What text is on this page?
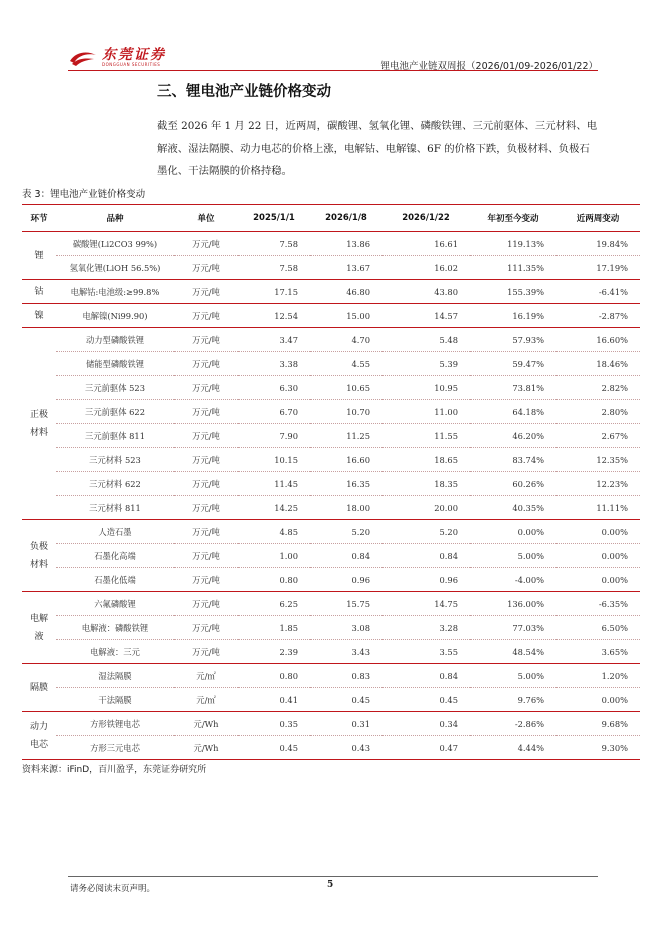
东莞证券
DONGGUAN SECURITIES	锂电池产业链双周报（2026/01/09-2026/01/22）
三、锂电池产业链价格变动
截至 2026 年 1 月 22 日，近两周，碳酸锂、氢氧化锂、磷酸铁锂、三元前驱体、三元材料、电解液、湿法隔膜、动力电芯的价格上涨，电解钴、电解镍、6F 的价格下跌，负极材料、负极石墨化、干法隔膜的价格持稳。
表 3：锂电池产业链价格变动
环节	品种	单位	2025/1/1	2026/1/8	2026/1/22	年初至今变动	近两周变动
锂	碳酸锂(Li2CO3 99%)	万元/吨	7.58	13.86	16.61	119.13%	19.84%
	氢氧化锂(LiOH 56.5%)	万元/吨	7.58	13.67	16.02	111.35%	17.19%
钴	电解钴:电池级:≥99.8%	万元/吨	17.15	46.80	43.80	155.39%	-6.41%
镍	电解镍(Ni99.90)	万元/吨	12.54	15.00	14.57	16.19%	-2.87%
正极
材料	动力型磷酸铁锂	万元/吨	3.47	4.70	5.48	57.93%	16.60%
	储能型磷酸铁锂	万元/吨	3.38	4.55	5.39	59.47%	18.46%
	三元前驱体 523	万元/吨	6.30	10.65	10.95	73.81%	2.82%
	三元前驱体 622	万元/吨	6.70	10.70	11.00	64.18%	2.80%
	三元前驱体 811	万元/吨	7.90	11.25	11.55	46.20%	2.67%
	三元材料 523	万元/吨	10.15	16.60	18.65	83.74%	12.35%
	三元材料 622	万元/吨	11.45	16.35	18.35	60.26%	12.23%
	三元材料 811	万元/吨	14.25	18.00	20.00	40.35%	11.11%
负极
材料	人造石墨	万元/吨	4.85	5.20	5.20	0.00%	0.00%
	石墨化高端	万元/吨	1.00	0.84	0.84	5.00%	0.00%
	石墨化低端	万元/吨	0.80	0.96	0.96	-4.00%	0.00%
电解
液	六氟磷酸锂	万元/吨	6.25	15.75	14.75	136.00%	-6.35%
	电解液：磷酸铁锂	万元/吨	1.85	3.08	3.28	77.03%	6.50%
	电解液：三元	万元/吨	2.39	3.43	3.55	48.54%	3.65%
隔膜	湿法隔膜	元/㎡	0.80	0.83	0.84	5.00%	1.20%
	干法隔膜	元/㎡	0.41	0.45	0.45	9.76%	0.00%
动力
电芯	方形铁锂电芯	元/Wh	0.35	0.31	0.34	-2.86%	9.68%
	方形三元电芯	元/Wh	0.45	0.43	0.47	4.44%	9.30%
资料来源：iFinD，百川盈孚，东莞证券研究所
请务必阅读末页声明。	5
